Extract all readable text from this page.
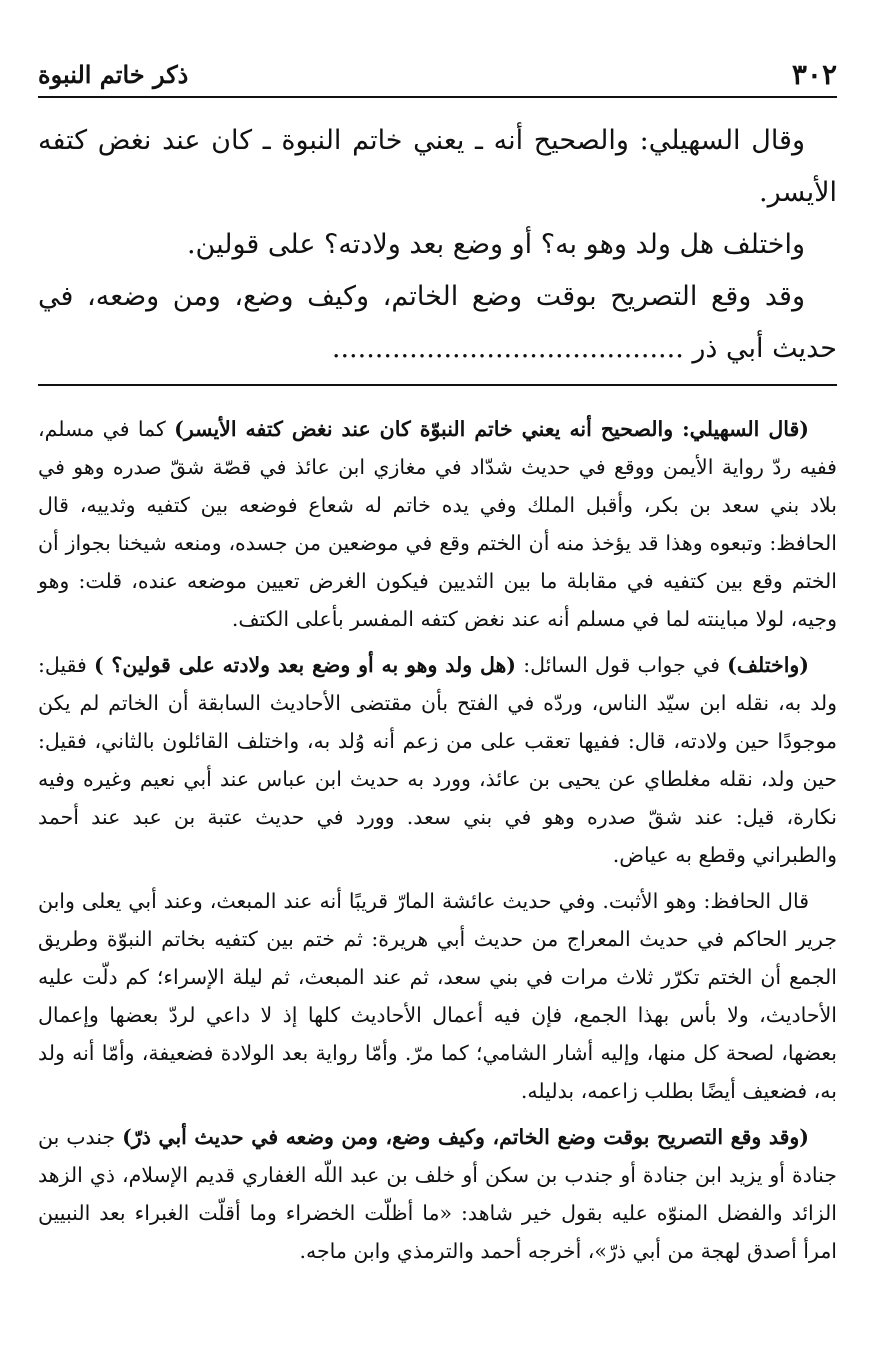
٣٠٢
ذكر خاتم النبوة

وقال السهيلي: والصحيح أنه ـ يعني خاتم النبوة ـ كان عند نغض كتفه الأيسر.

واختلف هل ولد وهو به؟ أو وضع بعد ولادته؟ على قولين.

وقد وقع التصريح بوقت وضع الخاتم، وكيف وضع، ومن وضعه، في حديث أبي ذر .........................................

(قال السهيلي: والصحيح أنه يعني خاتم النبوّة كان عند نغض كتفه الأيسر) كما في مسلم، ففيه ردّ رواية الأيمن ووقع في حديث شدّاد في مغازي ابن عائذ في قصّة شقّ صدره وهو في بلاد بني سعد بن بكر، وأقبل الملك وفي يده خاتم له شعاع فوضعه بين كتفيه وثدييه، قال الحافظ: وتبعوه وهذا قد يؤخذ منه أن الختم وقع في موضعين من جسده، ومنعه شيخنا بجواز أن الختم وقع بين كتفيه في مقابلة ما بين الثديين فيكون الغرض تعيين موضعه عنده، قلت: وهو وجيه، لولا مباينته لما في مسلم أنه عند نغض كتفه المفسر بأعلى الكتف.

(واختلف) في جواب قول السائل: (هل ولد وهو به أو وضع بعد ولادته على قولين؟ ) فقيل: ولد به، نقله ابن سيّد الناس، وردّه في الفتح بأن مقتضى الأحاديث السابقة أن الخاتم لم يكن موجودًا حين ولادته، قال: ففيها تعقب على من زعم أنه وُلد به، واختلف القائلون بالثاني، فقيل: حين ولد، نقله مغلطاي عن يحيى بن عائذ، وورد به حديث ابن عباس عند أبي نعيم وغيره وفيه نكارة، قيل: عند شقّ صدره وهو في بني سعد. وورد في حديث عتبة بن عبد عند أحمد والطبراني وقطع به عياض.

قال الحافظ: وهو الأثبت. وفي حديث عائشة المارّ قريبًا أنه عند المبعث، وعند أبي يعلى وابن جرير الحاكم في حديث المعراج من حديث أبي هريرة: ثم ختم بين كتفيه بخاتم النبوّة وطريق الجمع أن الختم تكرّر ثلاث مرات في بني سعد، ثم عند المبعث، ثم ليلة الإسراء؛ كم دلّت عليه الأحاديث، ولا بأس بهذا الجمع، فإن فيه أعمال الأحاديث كلها إذ لا داعي لردّ بعضها وإعمال بعضها، لصحة كل منها، وإليه أشار الشامي؛ كما مرّ. وأمّا رواية بعد الولادة فضعيفة، وأمّا أنه ولد به، فضعيف أيضًا بطلب زاعمه، بدليله.

(وقد وقع التصريح بوقت وضع الخاتم، وكيف وضع، ومن وضعه في حديث أبي ذرّ) جندب بن جنادة أو يزيد ابن جنادة أو جندب بن سكن أو خلف بن عبد اللّه الغفاري قديم الإسلام، ذي الزهد الزائد والفضل المنوّه عليه بقول خير شاهد: «ما أظلّت الخضراء وما أقلّت الغبراء بعد النبيين امرأ أصدق لهجة من أبي ذرّ»، أخرجه أحمد والترمذي وابن ماجه.
